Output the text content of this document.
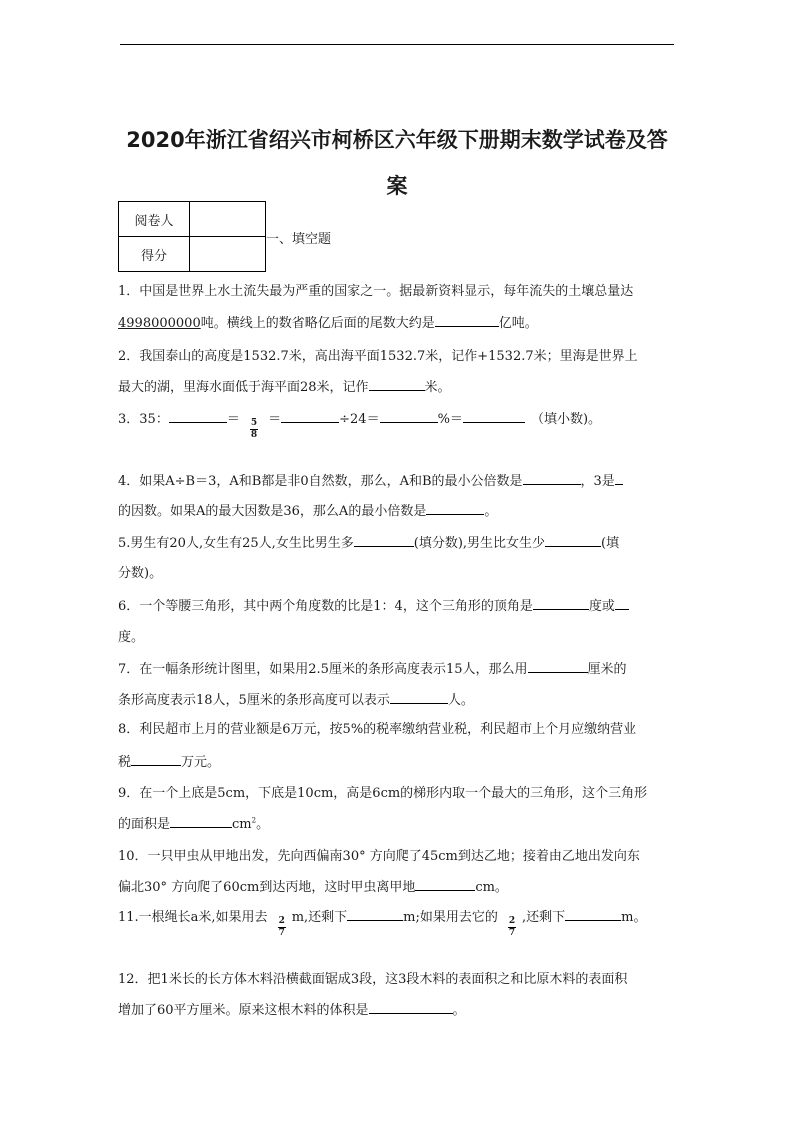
2020年浙江省绍兴市柯桥区六年级下册期末数学试卷及答
案
阅卷人	
得分	
一、填空题
1．中国是世界上水土流失最为严重的国家之一。据最新资料显示，每年流失的土壤总量达
4998000000吨。横线上的数省略亿后面的尾数大约是	亿吨。
2．我国泰山的高度是1532.7米，高出海平面1532.7米，记作+1532.7米；里海是世界上
最大的湖，里海水面低于海平面28米，记作	米。
3．35：	＝ $\frac{5}{8}$ ＝	÷24＝	%＝	（填小数)。
4．如果A÷B＝3，A和B都是非0自然数，那么，A和B的最小公倍数是	，3是
的因数。如果A的最大因数是36，那么A的最小倍数是	。
5.男生有20人,女生有25人,女生比男生多	(填分数),男生比女生少	(填
分数)。
6．一个等腰三角形，其中两个角度数的比是1：4，这个三角形的顶角是	度或
度。
7．在一幅条形统计图里，如果用2.5厘米的条形高度表示15人，那么用	厘米的
条形高度表示18人，5厘米的条形高度可以表示	人。
8．利民超市上月的营业额是6万元，按5%的税率缴纳营业税，利民超市上个月应缴纳营业
税	万元。
9．在一个上底是5cm，下底是10cm，高是6cm的梯形内取一个最大的三角形，这个三角形
的面积是	$cm^2$。
10．一只甲虫从甲地出发，先向西偏南30° 方向爬了45cm到达乙地；接着由乙地出发向东
偏北30° 方向爬了60cm到达丙地，这时甲虫离甲地	cm。
11.一根绳长a米,如果用去 $\frac{2}{7} m$,还剩下	m;如果用去它的 $\frac{2}{7}$ ,还剩下	m。
12．把1米长的长方体木料沿横截面锯成3段，这3段木料的表面积之和比原木料的表面积
增加了60平方厘米。原来这根木料的体积是	。
